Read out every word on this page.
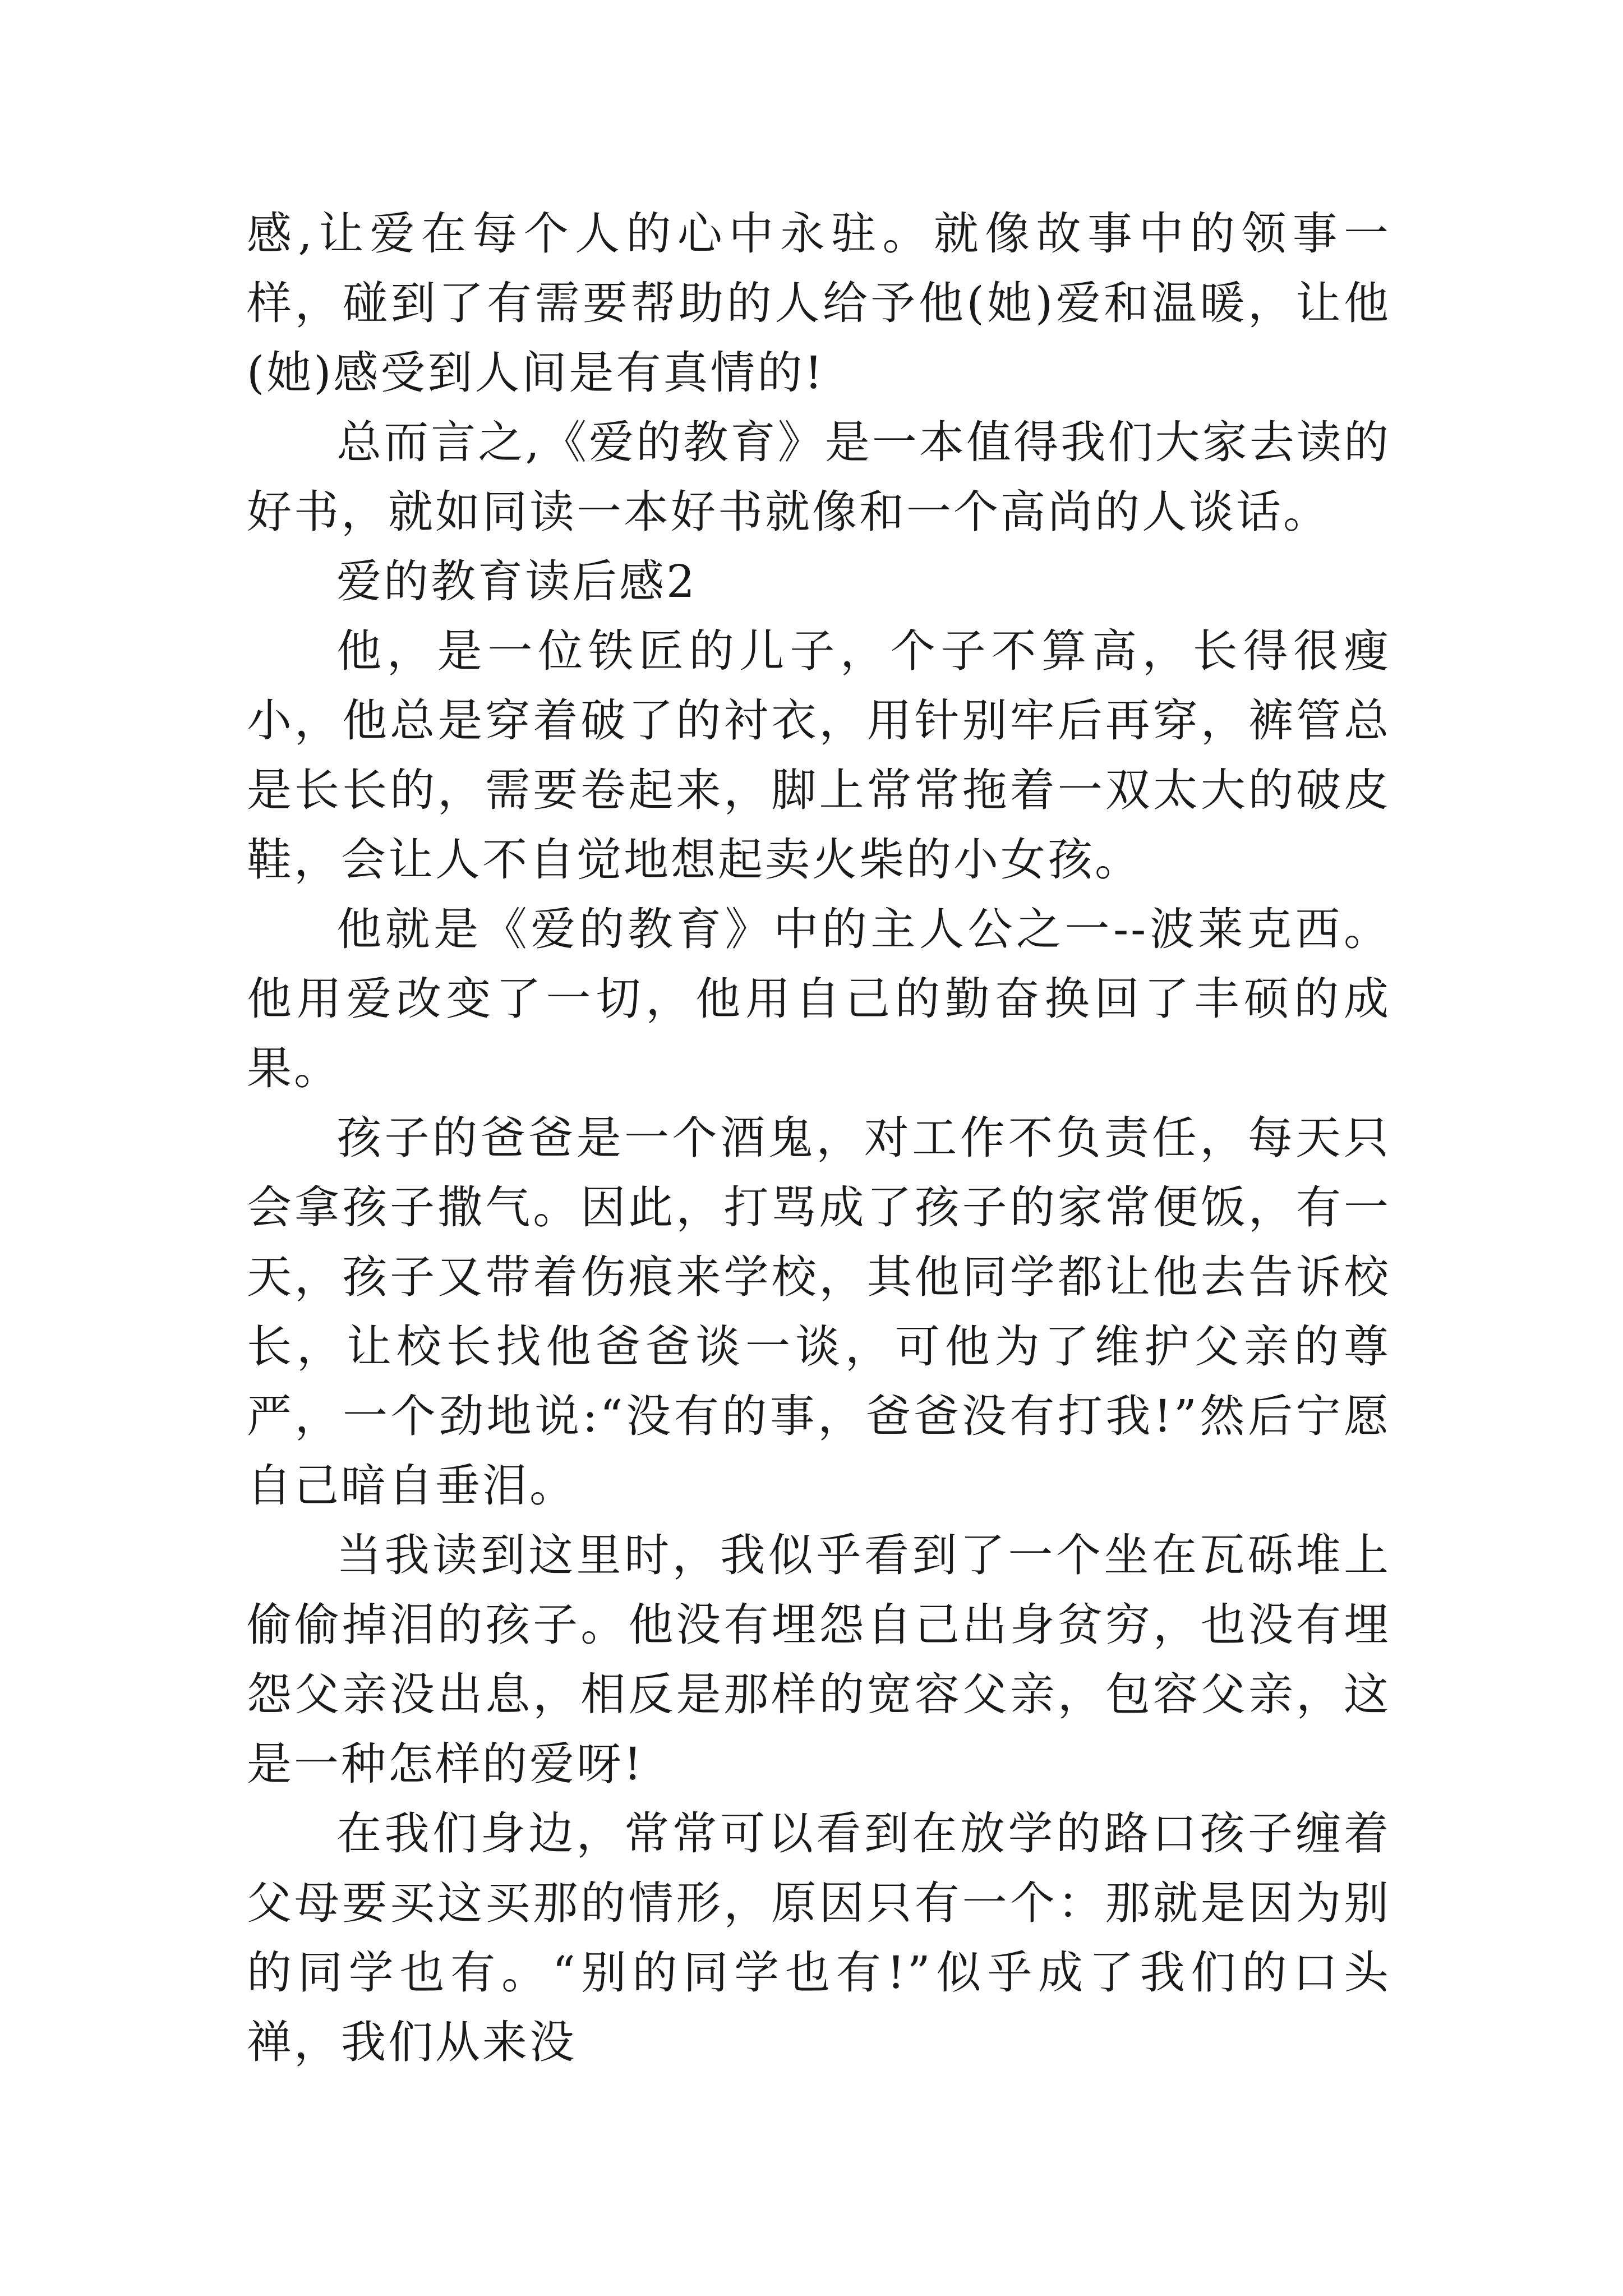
感,让爱在每个人的心中永驻。就像故事中的领事一样，碰到了有需要帮助的人给予他(她)爱和温暖，让他(她)感受到人间是有真情的!

总而言之,《爱的教育》是一本值得我们大家去读的好书，就如同读一本好书就像和一个高尚的人谈话。

爱的教育读后感2

他，是一位铁匠的儿子，个子不算高，长得很瘦小，他总是穿着破了的衬衣，用针别牢后再穿，裤管总是长长的，需要卷起来，脚上常常拖着一双太大的破皮鞋，会让人不自觉地想起卖火柴的小女孩。

他就是《爱的教育》中的主人公之一--波莱克西。他用爱改变了一切，他用自己的勤奋换回了丰硕的成果。

孩子的爸爸是一个酒鬼，对工作不负责任，每天只会拿孩子撒气。因此，打骂成了孩子的家常便饭，有一天，孩子又带着伤痕来学校，其他同学都让他去告诉校长，让校长找他爸爸谈一谈，可他为了维护父亲的尊严，一个劲地说:“没有的事，爸爸没有打我!”然后宁愿自己暗自垂泪。

当我读到这里时，我似乎看到了一个坐在瓦砾堆上偷偷掉泪的孩子。他没有埋怨自己出身贫穷，也没有埋怨父亲没出息，相反是那样的宽容父亲，包容父亲，这是一种怎样的爱呀!

在我们身边，常常可以看到在放学的路口孩子缠着父母要买这买那的情形，原因只有一个：那就是因为别的同学也有。“别的同学也有!”似乎成了我们的口头禅，我们从来没
